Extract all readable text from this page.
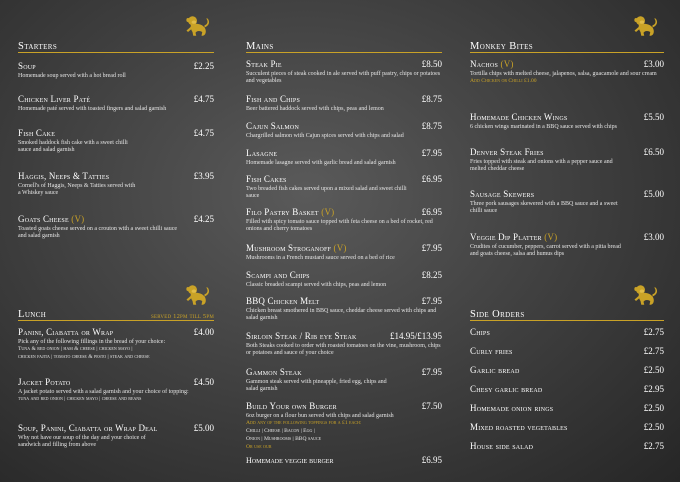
Starters
Soup	£2.25
Homemade soup served with a hot bread roll
Chicken Liver Paté	£4.75
Homemade paté served with toasted fingers and salad garnish
Fish Cake	£4.75
Smoked haddock fish cake with a sweet chilli sauce and salad garnish
Haggis, Neeps & Tatties	£3.95
Cornell's of Haggis, Neeps & Tatties served with a Whiskey sauce
Goats Cheese (V)	£4.25
Toasted goats cheese served on a crouton with a sweet chilli sauce and salad garnish
Lunch	served 12pm till 5pm
Panini, Ciabatta or Wrap	£4.00
Pick any of the following fillings in the bread of your choice:
Tuna & red onion | ham & cheese | chicken mayo |
chicken fajita | tomato cheese & pesto | steak and cheese
Jacket Potato	£4.50
A jacket potato served with a salad garnish and your choice of topping:
tuna and red onion | chicken mayo | cheese and beans
Soup, Panini, Ciabatta or Wrap Deal	£5.00
Why not have our soup of the day and your choice of sandwich and filling from above
Mains
Steak Pie	£8.50
Succulent pieces of steak cooked in ale served with puff pastry, chips or potatoes and vegetables
Fish and Chips	£8.75
Beer battered haddock served with chips, peas and lemon
Cajun Salmon	£8.75
Chargrilled salmon with Cajun spices served with chips and salad
Lasagne	£7.95
Homemade lasagne served with garlic bread and salad garnish
Fish Cakes	£6.95
Two breaded fish cakes served upon a mixed salad and sweet chilli sauce
Filo Pastry Basket (V)	£6.95
Filled with spicy tomato sauce topped with feta cheese on a bed of rocket, red onions and cherry tomatoes
Mushroom Stroganoff (V)	£7.95
Mushrooms in a French mustard sauce served on a bed of rice
Scampi and Chips	£8.25
Classic breaded scampi served with chips, peas and lemon
BBQ Chicken Melt	£7.95
Chicken breast smothered in BBQ sauce, cheddar cheese served with chips and salad garnish
Sirloin Steak / Rib eye Steak	£14.95/£13.95
Both Steaks cooked to order with roasted tomatoes on the vine, mushroom, chips or potatoes and sauce of your choice
Gammon Steak	£7.95
Gammon steak served with pineapple, fried egg, chips and salad garnish
Build Your own Burger	£7.50
6oz burger on a flour bun served with chips and salad garnish
Add any of the following toppings for a £1 each:
Chilli | Cheese | Bacon | Egg |
Onion | Mushrooms | BBQ sauce
Or use our
Homemade veggie burger	£6.95
Monkey Bites
Nachos (V)	£3.00
Tortilla chips with melted cheese, jalapenos, salsa, guacamole and sour cream
Add Chicken or Chilli £1.00
Homemade Chicken Wings	£5.50
6 chicken wings marinated in a BBQ sauce served with chips
Denver Steak Fries	£6.50
Fries topped with steak and onions with a pepper sauce and melted cheddar cheese
Sausage Skewers	£5.00
Three pork sausages skewered with a BBQ sauce and a sweet chilli sauce
Veggie Dip Platter (V)	£3.00
Crudites of cucumber, peppers, carrot served with a pitta bread and goats cheese, salsa and humus dips
Side Orders
Chips	£2.75
Curly fries	£2.75
Garlic bread	£2.50
Chesy garlic bread	£2.95
Homemade onion rings	£2.50
Mixed roasted vegetables	£2.50
House side salad	£2.75
